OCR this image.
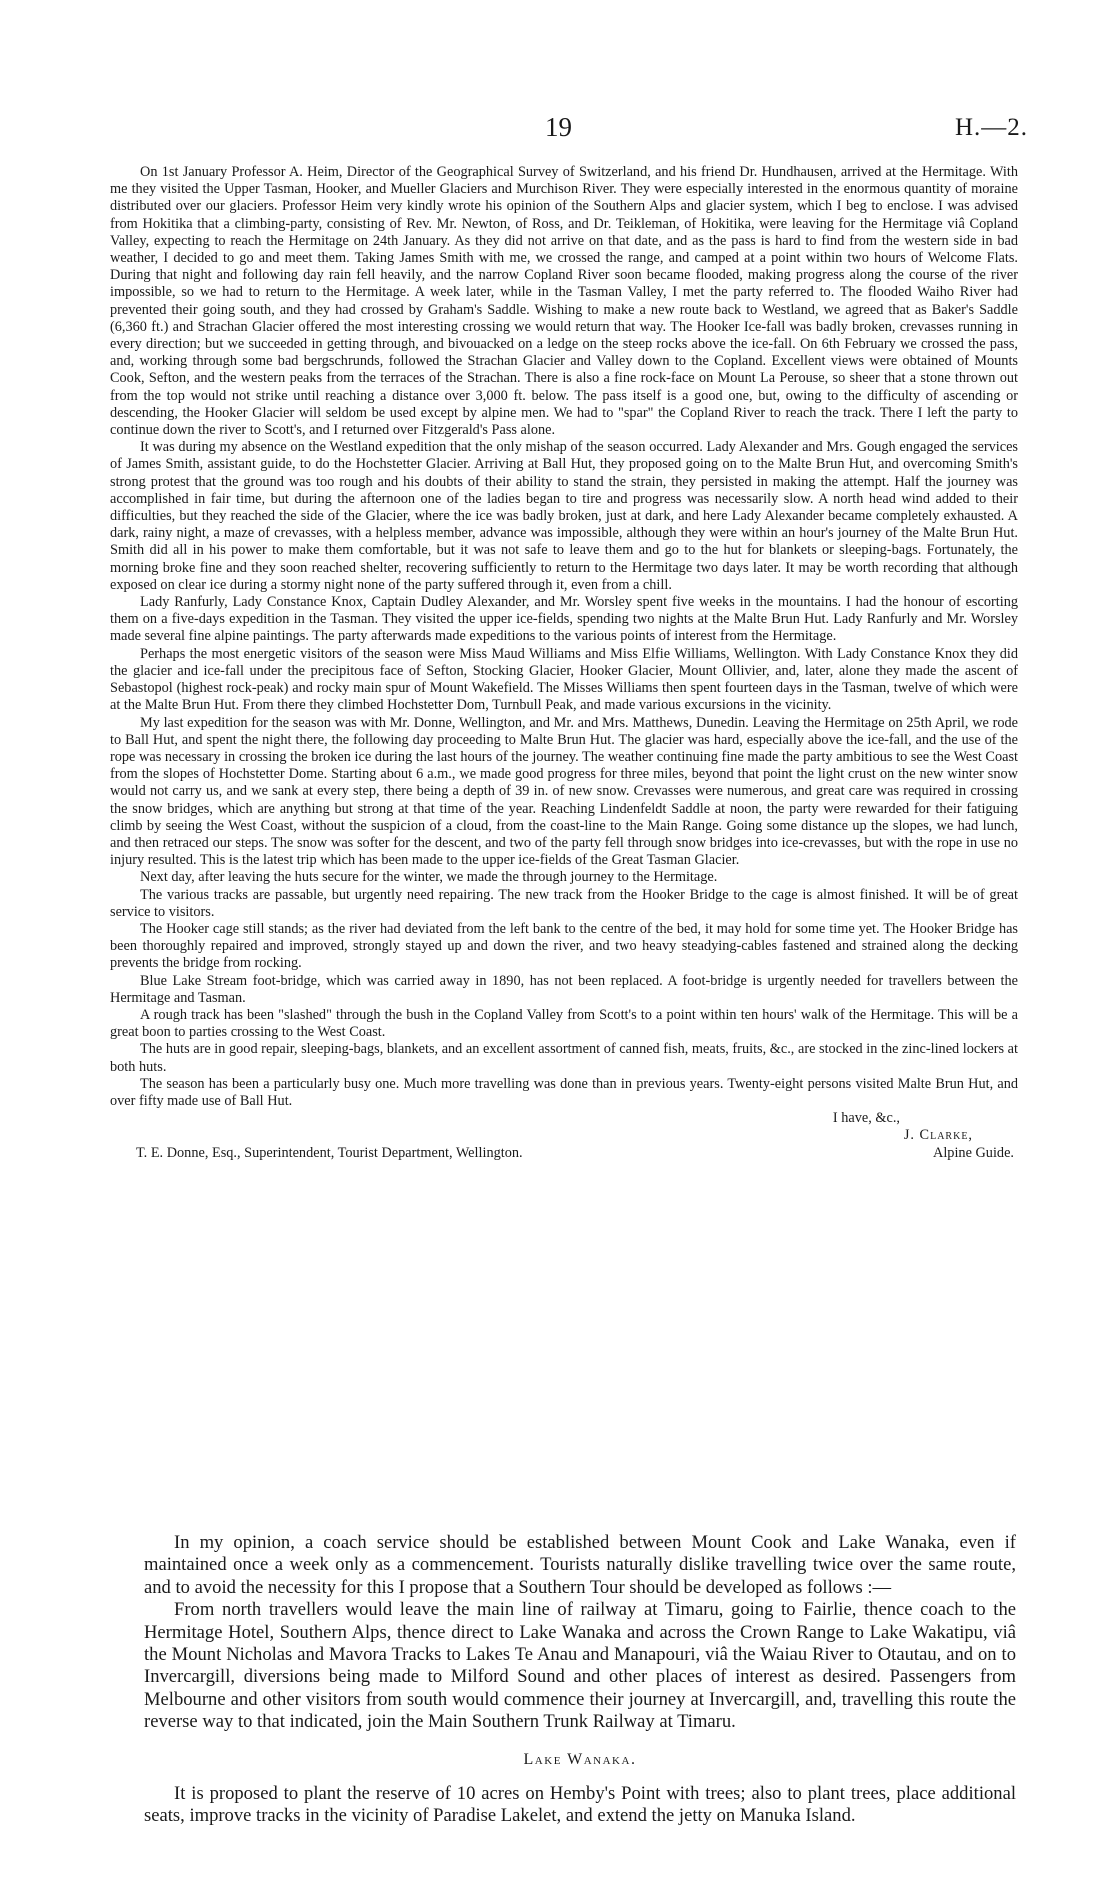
19	H.—2.

On 1st January Professor A. Heim, Director of the Geographical Survey of Switzerland, and his friend Dr. Hundhausen, arrived at the Hermitage. With me they visited the Upper Tasman, Hooker, and Mueller Glaciers and Murchison River. They were especially interested in the enormous quantity of moraine distributed over our glaciers. Professor Heim very kindly wrote his opinion of the Southern Alps and glacier system, which I beg to enclose. I was advised from Hokitika that a climbing-party, consisting of Rev. Mr. Newton, of Ross, and Dr. Teikleman, of Hokitika, were leaving for the Hermitage viâ Copland Valley, expecting to reach the Hermitage on 24th January. As they did not arrive on that date, and as the pass is hard to find from the western side in bad weather, I decided to go and meet them. Taking James Smith with me, we crossed the range, and camped at a point within two hours of Welcome Flats. During that night and following day rain fell heavily, and the narrow Copland River soon became flooded, making progress along the course of the river impossible, so we had to return to the Hermitage. A week later, while in the Tasman Valley, I met the party referred to. The flooded Waiho River had prevented their going south, and they had crossed by Graham's Saddle. Wishing to make a new route back to Westland, we agreed that as Baker's Saddle (6,360 ft.) and Strachan Glacier offered the most interesting crossing we would return that way. The Hooker Ice-fall was badly broken, crevasses running in every direction; but we succeeded in getting through, and bivouacked on a ledge on the steep rocks above the ice-fall. On 6th February we crossed the pass, and, working through some bad bergschrunds, followed the Strachan Glacier and Valley down to the Copland. Excellent views were obtained of Mounts Cook, Sefton, and the western peaks from the terraces of the Strachan. There is also a fine rock-face on Mount La Perouse, so sheer that a stone thrown out from the top would not strike until reaching a distance over 3,000 ft. below. The pass itself is a good one, but, owing to the difficulty of ascending or descending, the Hooker Glacier will seldom be used except by alpine men. We had to "spar" the Copland River to reach the track. There I left the party to continue down the river to Scott's, and I returned over Fitzgerald's Pass alone.

It was during my absence on the Westland expedition that the only mishap of the season occurred. Lady Alexander and Mrs. Gough engaged the services of James Smith, assistant guide, to do the Hochstetter Glacier. Arriving at Ball Hut, they proposed going on to the Malte Brun Hut, and overcoming Smith's strong protest that the ground was too rough and his doubts of their ability to stand the strain, they persisted in making the attempt. Half the journey was accomplished in fair time, but during the afternoon one of the ladies began to tire and progress was necessarily slow. A north head wind added to their difficulties, but they reached the side of the Glacier, where the ice was badly broken, just at dark, and here Lady Alexander became completely exhausted. A dark, rainy night, a maze of crevasses, with a helpless member, advance was impossible, although they were within an hour's journey of the Malte Brun Hut. Smith did all in his power to make them comfortable, but it was not safe to leave them and go to the hut for blankets or sleeping-bags. Fortunately, the morning broke fine and they soon reached shelter, recovering sufficiently to return to the Hermitage two days later. It may be worth recording that although exposed on clear ice during a stormy night none of the party suffered through it, even from a chill.

Lady Ranfurly, Lady Constance Knox, Captain Dudley Alexander, and Mr. Worsley spent five weeks in the mountains. I had the honour of escorting them on a five-days expedition in the Tasman. They visited the upper ice-fields, spending two nights at the Malte Brun Hut. Lady Ranfurly and Mr. Worsley made several fine alpine paintings. The party afterwards made expeditions to the various points of interest from the Hermitage.

Perhaps the most energetic visitors of the season were Miss Maud Williams and Miss Elfie Williams, Wellington. With Lady Constance Knox they did the glacier and ice-fall under the precipitous face of Sefton, Stocking Glacier, Hooker Glacier, Mount Ollivier, and, later, alone they made the ascent of Sebastopol (highest rock-peak) and rocky main spur of Mount Wakefield. The Misses Williams then spent fourteen days in the Tasman, twelve of which were at the Malte Brun Hut. From there they climbed Hochstetter Dom, Turnbull Peak, and made various excursions in the vicinity.

My last expedition for the season was with Mr. Donne, Wellington, and Mr. and Mrs. Matthews, Dunedin. Leaving the Hermitage on 25th April, we rode to Ball Hut, and spent the night there, the following day proceeding to Malte Brun Hut. The glacier was hard, especially above the ice-fall, and the use of the rope was necessary in crossing the broken ice during the last hours of the journey. The weather continuing fine made the party ambitious to see the West Coast from the slopes of Hochstetter Dome. Starting about 6 a.m., we made good progress for three miles, beyond that point the light crust on the new winter snow would not carry us, and we sank at every step, there being a depth of 39 in. of new snow. Crevasses were numerous, and great care was required in crossing the snow bridges, which are anything but strong at that time of the year. Reaching Lindenfeldt Saddle at noon, the party were rewarded for their fatiguing climb by seeing the West Coast, without the suspicion of a cloud, from the coast-line to the Main Range. Going some distance up the slopes, we had lunch, and then retraced our steps. The snow was softer for the descent, and two of the party fell through snow bridges into ice-crevasses, but with the rope in use no injury resulted. This is the latest trip which has been made to the upper ice-fields of the Great Tasman Glacier.

Next day, after leaving the huts secure for the winter, we made the through journey to the Hermitage.

The various tracks are passable, but urgently need repairing. The new track from the Hooker Bridge to the cage is almost finished. It will be of great service to visitors.

The Hooker cage still stands; as the river had deviated from the left bank to the centre of the bed, it may hold for some time yet. The Hooker Bridge has been thoroughly repaired and improved, strongly stayed up and down the river, and two heavy steadying-cables fastened and strained along the decking prevents the bridge from rocking.

Blue Lake Stream foot-bridge, which was carried away in 1890, has not been replaced. A foot-bridge is urgently needed for travellers between the Hermitage and Tasman.

A rough track has been "slashed" through the bush in the Copland Valley from Scott's to a point within ten hours' walk of the Hermitage. This will be a great boon to parties crossing to the West Coast.

The huts are in good repair, sleeping-bags, blankets, and an excellent assortment of canned fish, meats, fruits, &c., are stocked in the zinc-lined lockers at both huts.

The season has been a particularly busy one. Much more travelling was done than in previous years. Twenty-eight persons visited Malte Brun Hut, and over fifty made use of Ball Hut.

I have, &c.,

J. Clarke,

T. E. Donne, Esq., Superintendent, Tourist Department, Wellington.	Alpine Guide.

In my opinion, a coach service should be established between Mount Cook and Lake Wanaka, even if maintained once a week only as a commencement. Tourists naturally dislike travelling twice over the same route, and to avoid the necessity for this I propose that a Southern Tour should be developed as follows :—

From north travellers would leave the main line of railway at Timaru, going to Fairlie, thence coach to the Hermitage Hotel, Southern Alps, thence direct to Lake Wanaka and across the Crown Range to Lake Wakatipu, viâ the Mount Nicholas and Mavora Tracks to Lakes Te Anau and Manapouri, viâ the Waiau River to Otautau, and on to Invercargill, diversions being made to Milford Sound and other places of interest as desired. Passengers from Melbourne and other visitors from south would commence their journey at Invercargill, and, travelling this route the reverse way to that indicated, join the Main Southern Trunk Railway at Timaru.

Lake Wanaka.

It is proposed to plant the reserve of 10 acres on Hemby's Point with trees; also to plant trees, place additional seats, improve tracks in the vicinity of Paradise Lakelet, and extend the jetty on Manuka Island.
